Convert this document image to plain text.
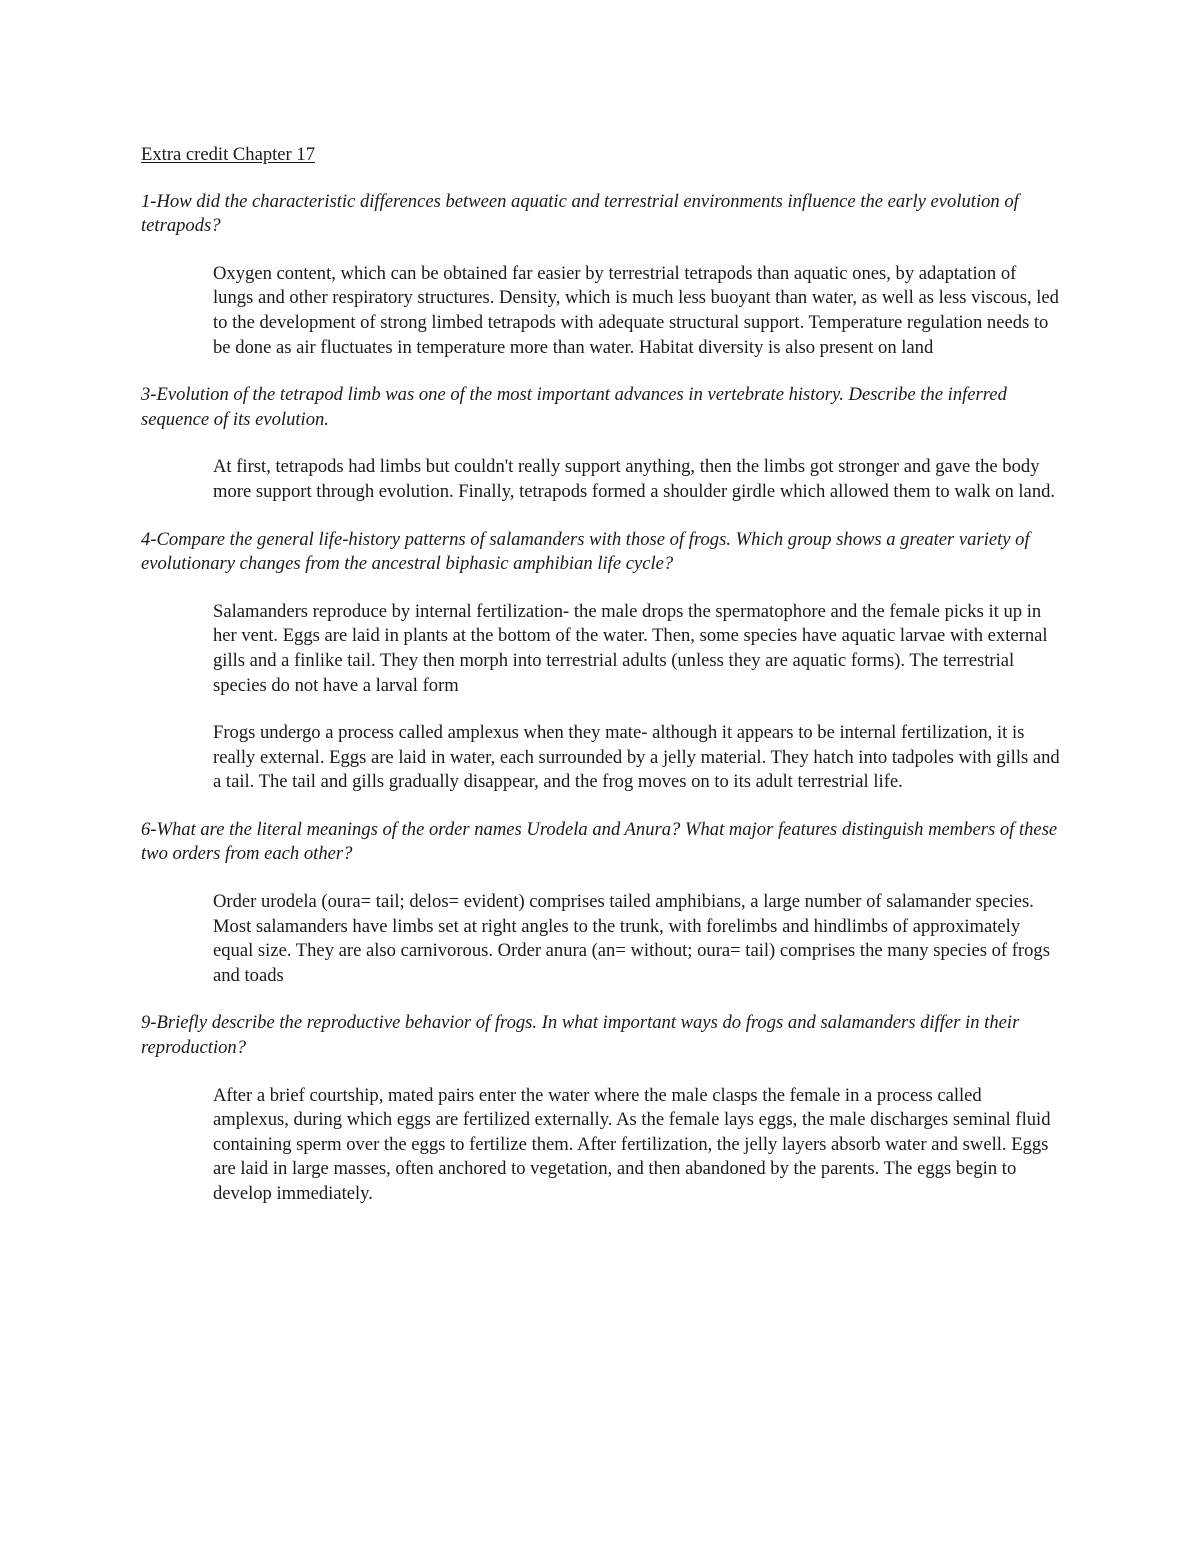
Extra credit Chapter 17

1-How did the characteristic differences between aquatic and terrestrial environments influence the early evolution of tetrapods?

Oxygen content, which can be obtained far easier by terrestrial tetrapods than aquatic ones, by adaptation of lungs and other respiratory structures. Density, which is much less buoyant than water, as well as less viscous, led to the development of strong limbed tetrapods with adequate structural support. Temperature regulation needs to be done as air fluctuates in temperature more than water. Habitat diversity is also present on land

3-Evolution of the tetrapod limb was one of the most important advances in vertebrate history. Describe the inferred sequence of its evolution.

At first, tetrapods had limbs but couldn't really support anything, then the limbs got stronger and gave the body more support through evolution. Finally, tetrapods formed a shoulder girdle which allowed them to walk on land.

4-Compare the general life-history patterns of salamanders with those of frogs. Which group shows a greater variety of evolutionary changes from the ancestral biphasic amphibian life cycle?

Salamanders reproduce by internal fertilization- the male drops the spermatophore and the female picks it up in her vent. Eggs are laid in plants at the bottom of the water. Then, some species have aquatic larvae with external gills and a finlike tail. They then morph into terrestrial adults (unless they are aquatic forms). The terrestrial species do not have a larval form

Frogs undergo a process called amplexus when they mate- although it appears to be internal fertilization, it is really external. Eggs are laid in water, each surrounded by a jelly material. They hatch into tadpoles with gills and a tail. The tail and gills gradually disappear, and the frog moves on to its adult terrestrial life.

6-What are the literal meanings of the order names Urodela and Anura? What major features distinguish members of these two orders from each other?

Order urodela (oura= tail; delos= evident) comprises tailed amphibians, a large number of salamander species. Most salamanders have limbs set at right angles to the trunk, with forelimbs and hindlimbs of approximately equal size. They are also carnivorous. Order anura (an= without; oura= tail) comprises the many species of frogs and toads

9-Briefly describe the reproductive behavior of frogs. In what important ways do frogs and salamanders differ in their reproduction?

After a brief courtship, mated pairs enter the water where the male clasps the female in a process called amplexus, during which eggs are fertilized externally. As the female lays eggs, the male discharges seminal fluid containing sperm over the eggs to fertilize them. After fertilization, the jelly layers absorb water and swell. Eggs are laid in large masses, often anchored to vegetation, and then abandoned by the parents. The eggs begin to develop immediately.
